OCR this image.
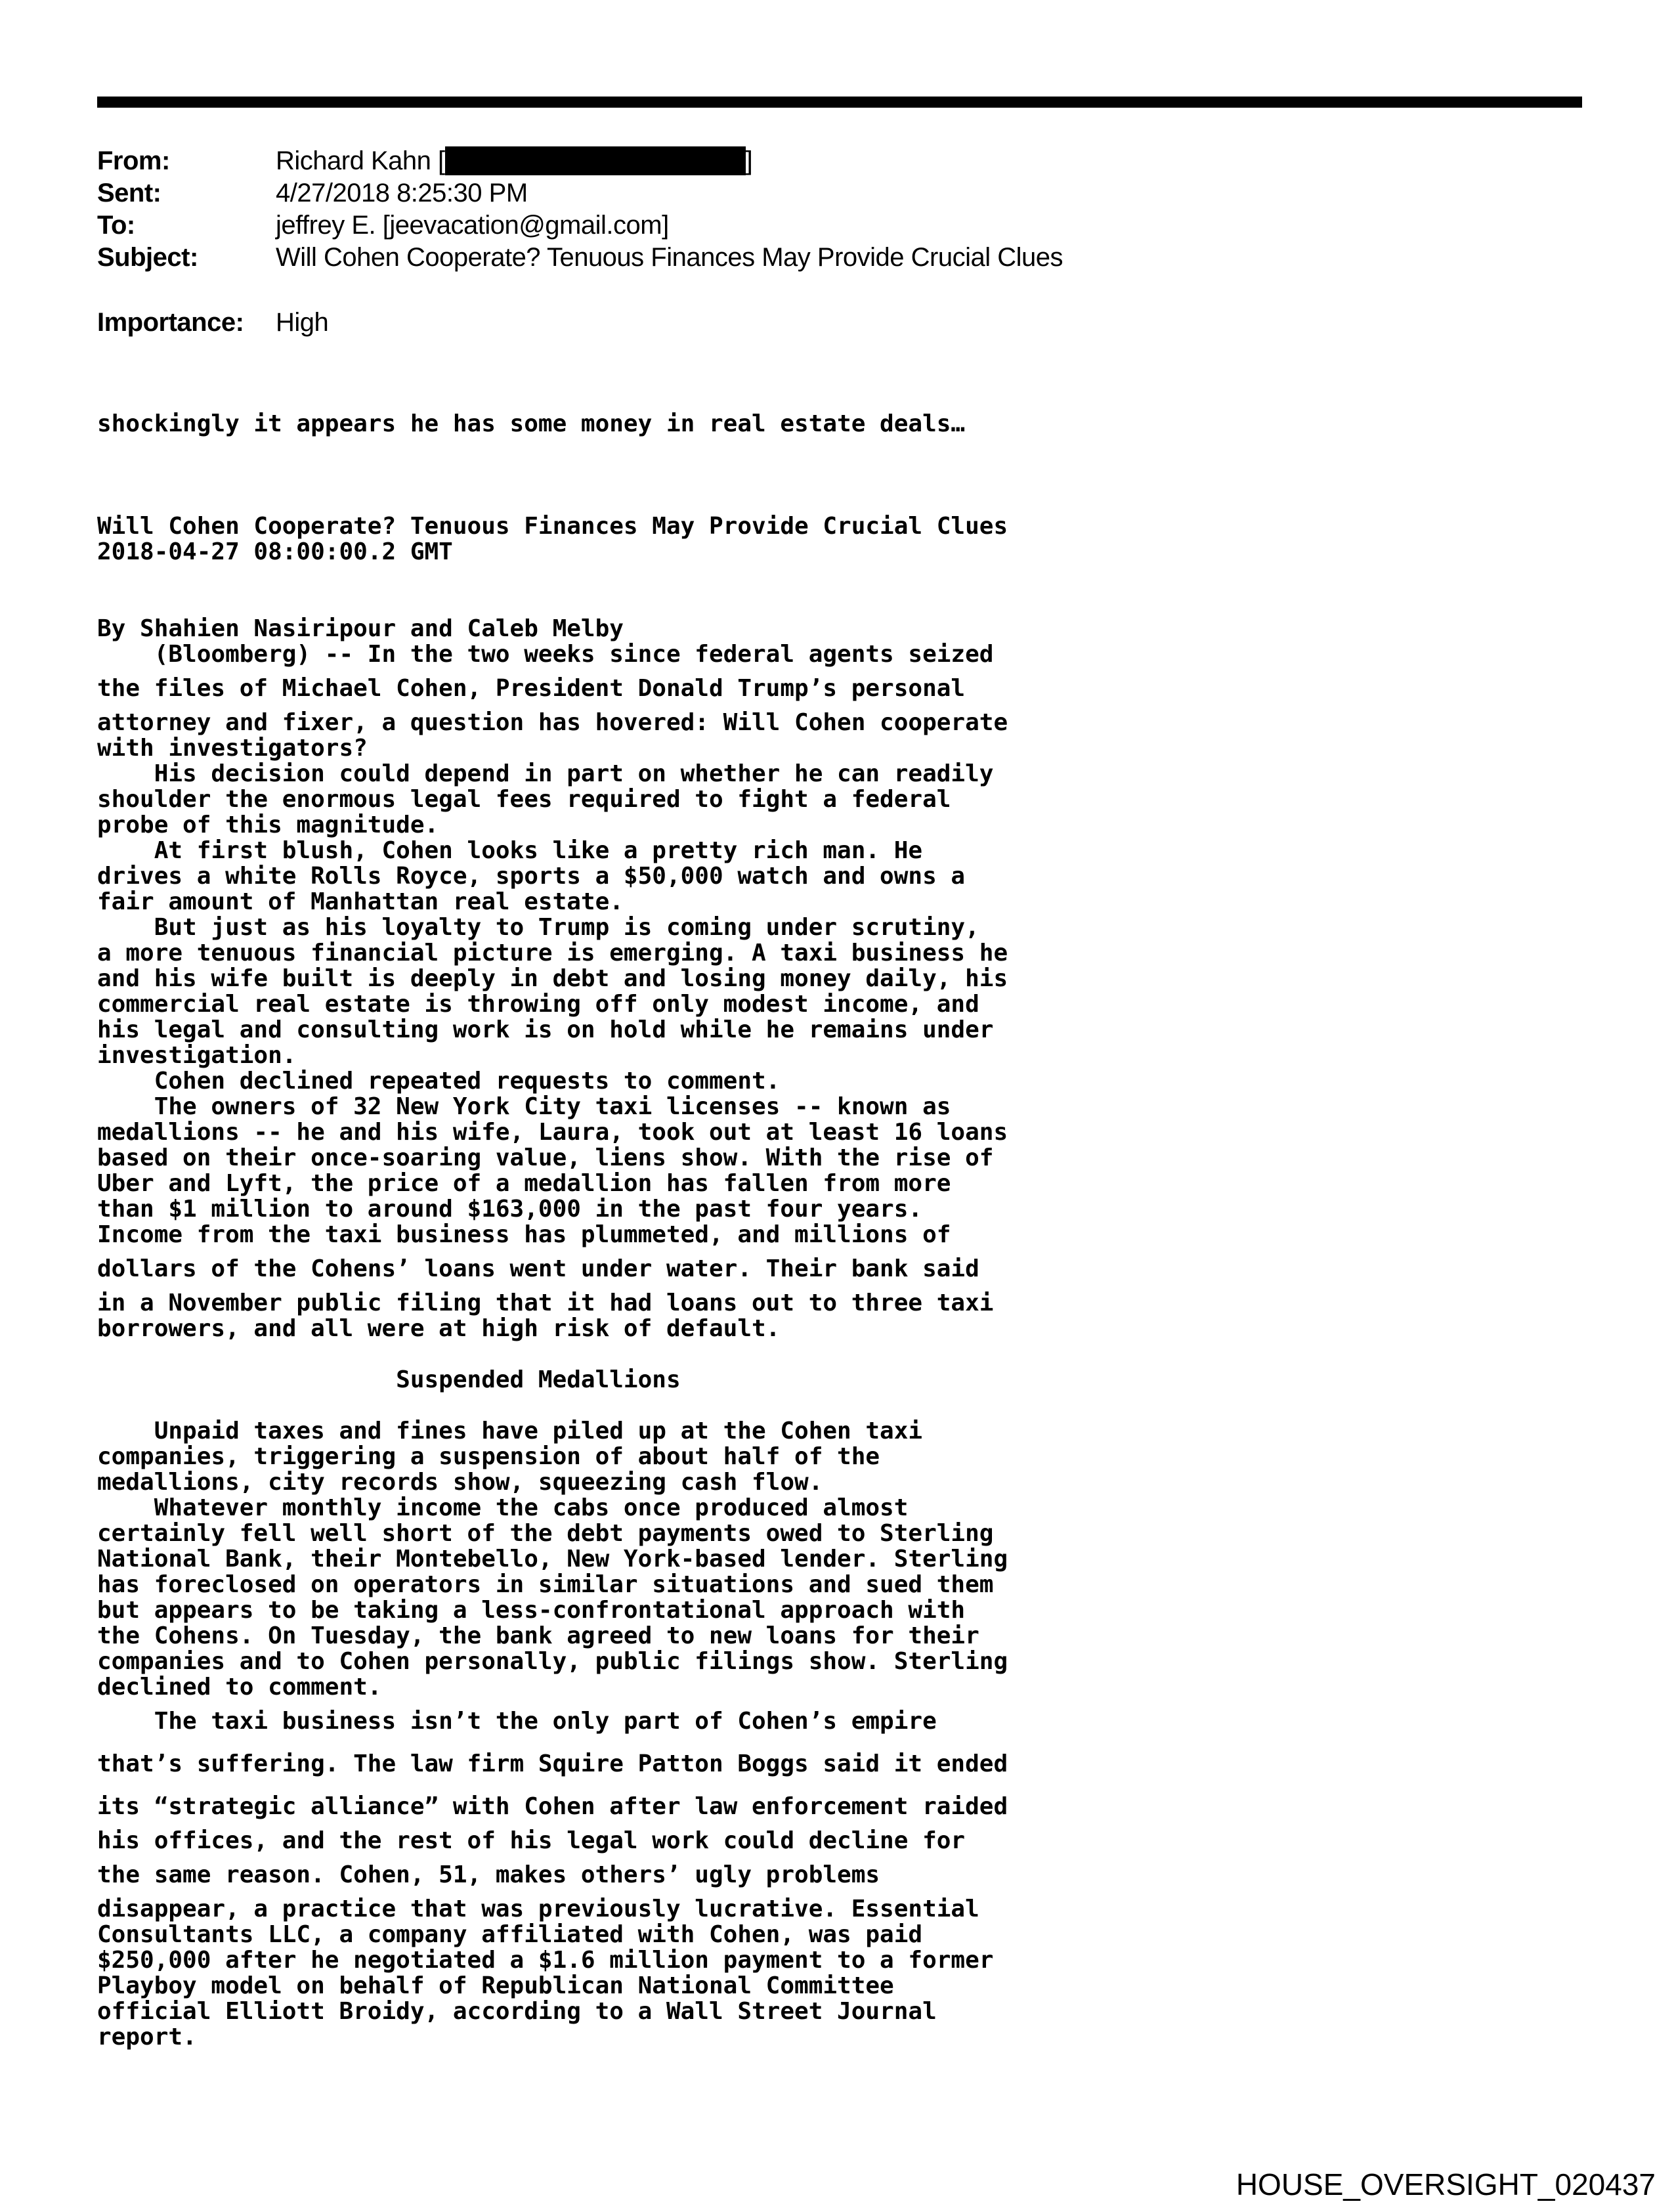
From:	Richard Kahn [	]
Sent:	4/27/2018 8:25:30 PM
To:	jeffrey E. [jeevacation@gmail.com]
Subject:	Will Cohen Cooperate? Tenuous Finances May Provide Crucial Clues
Importance: High
shockingly it appears he has some money in real estate deals…

Will Cohen Cooperate? Tenuous Finances May Provide Crucial Clues
2018-04-27 08:00:00.2 GMT

By Shahien Nasiripour and Caleb Melby
(Bloomberg) -- In the two weeks since federal agents seized
the files of Michael Cohen, President Donald Trump’s personal
attorney and fixer, a question has hovered: Will Cohen cooperate
with investigators?
His decision could depend in part on whether he can readily
shoulder the enormous legal fees required to fight a federal
probe of this magnitude.
At first blush, Cohen looks like a pretty rich man. He
drives a white Rolls Royce, sports a $50,000 watch and owns a
fair amount of Manhattan real estate.
But just as his loyalty to Trump is coming under scrutiny,
a more tenuous financial picture is emerging. A taxi business he
and his wife built is deeply in debt and losing money daily, his
commercial real estate is throwing off only modest income, and
his legal and consulting work is on hold while he remains under
investigation.
Cohen declined repeated requests to comment.
The owners of 32 New York City taxi licenses -- known as
medallions -- he and his wife, Laura, took out at least 16 loans
based on their once-soaring value, liens show. With the rise of
Uber and Lyft, the price of a medallion has fallen from more
than $1 million to around $163,000 in the past four years.
Income from the taxi business has plummeted, and millions of
dollars of the Cohens’ loans went under water. Their bank said
in a November public filing that it had loans out to three taxi
borrowers, and all were at high risk of default.

Suspended Medallions

Unpaid taxes and fines have piled up at the Cohen taxi
companies, triggering a suspension of about half of the
medallions, city records show, squeezing cash flow.
Whatever monthly income the cabs once produced almost
certainly fell well short of the debt payments owed to Sterling
National Bank, their Montebello, New York-based lender. Sterling
has foreclosed on operators in similar situations and sued them
but appears to be taking a less-confrontational approach with
the Cohens. On Tuesday, the bank agreed to new loans for their
companies and to Cohen personally, public filings show. Sterling
declined to comment.
The taxi business isn’t the only part of Cohen’s empire
that’s suffering. The law firm Squire Patton Boggs said it ended
its “strategic alliance” with Cohen after law enforcement raided
his offices, and the rest of his legal work could decline for
the same reason. Cohen, 51, makes others’ ugly problems
disappear, a practice that was previously lucrative. Essential
Consultants LLC, a company affiliated with Cohen, was paid
$250,000 after he negotiated a $1.6 million payment to a former
Playboy model on behalf of Republican National Committee
official Elliott Broidy, according to a Wall Street Journal
report.
HOUSE_OVERSIGHT_020437
